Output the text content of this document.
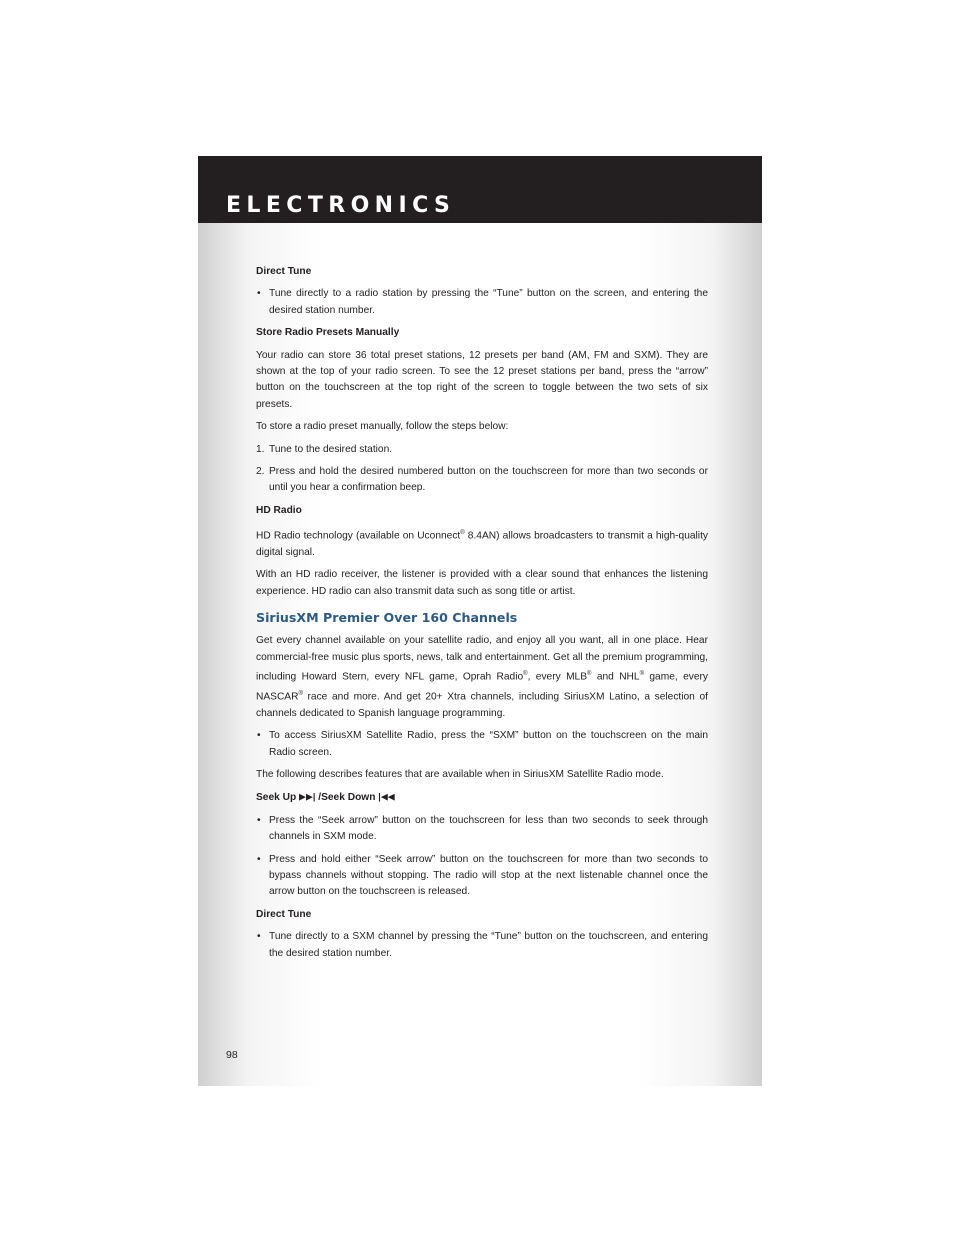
ELECTRONICS

Direct Tune

• Tune directly to a radio station by pressing the “Tune” button on the screen, and entering the desired station number.

Store Radio Presets Manually

Your radio can store 36 total preset stations, 12 presets per band (AM, FM and SXM). They are shown at the top of your radio screen. To see the 12 preset stations per band, press the “arrow” button on the touchscreen at the top right of the screen to toggle between the two sets of six presets.

To store a radio preset manually, follow the steps below:

1. Tune to the desired station.

2. Press and hold the desired numbered button on the touchscreen for more than two seconds or until you hear a confirmation beep.

HD Radio

HD Radio technology (available on Uconnect® 8.4AN) allows broadcasters to transmit a high-quality digital signal.

With an HD radio receiver, the listener is provided with a clear sound that enhances the listening experience. HD radio can also transmit data such as song title or artist.

SiriusXM Premier Over 160 Channels

Get every channel available on your satellite radio, and enjoy all you want, all in one place. Hear commercial-free music plus sports, news, talk and entertainment. Get all the premium programming, including Howard Stern, every NFL game, Oprah Radio®, every MLB® and NHL® game, every NASCAR® race and more. And get 20+ Xtra channels, including SiriusXM Latino, a selection of channels dedicated to Spanish language programming.

• To access SiriusXM Satellite Radio, press the “SXM” button on the touchscreen on the main Radio screen.

The following describes features that are available when in SiriusXM Satellite Radio mode.

Seek Up ▶▶| /Seek Down |◀◀

• Press the “Seek arrow” button on the touchscreen for less than two seconds to seek through channels in SXM mode.

• Press and hold either “Seek arrow” button on the touchscreen for more than two seconds to bypass channels without stopping. The radio will stop at the next listenable channel once the arrow button on the touchscreen is released.

Direct Tune

• Tune directly to a SXM channel by pressing the “Tune” button on the touchscreen, and entering the desired station number.

98
